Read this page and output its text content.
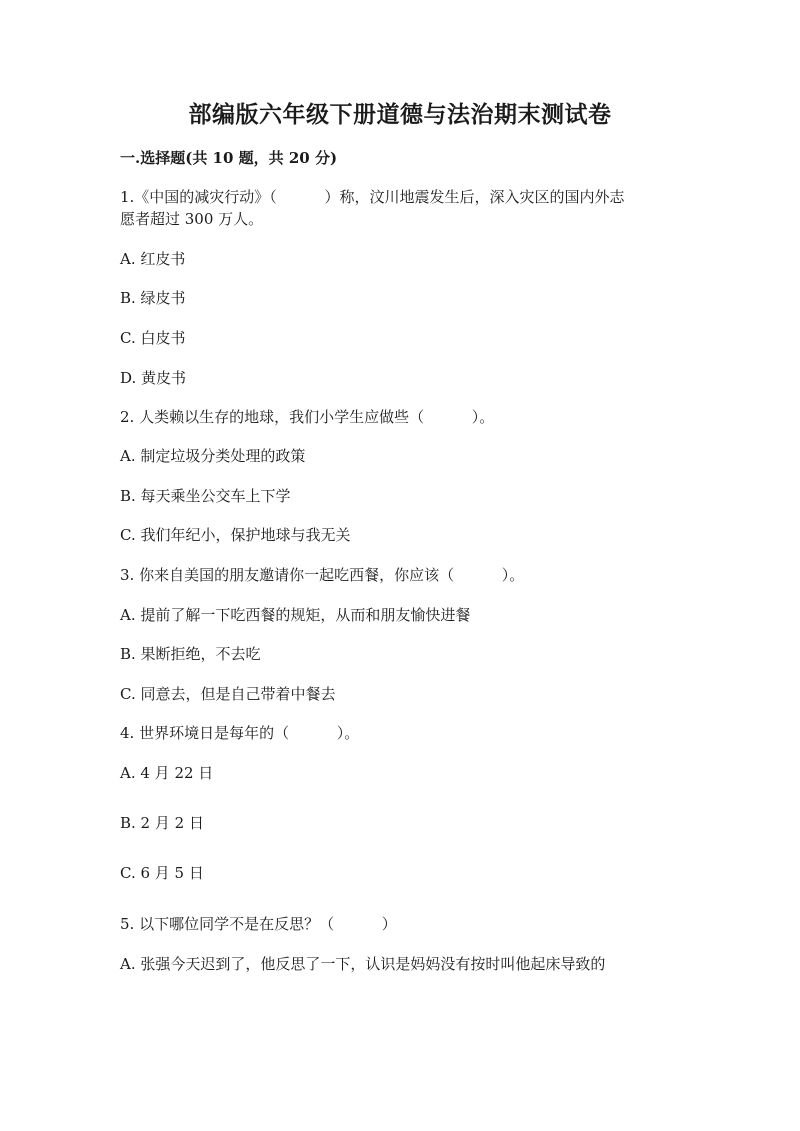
部编版六年级下册道德与法治期末测试卷
一.选择题(共 10 题，共 20 分)
1.《中国的减灾行动》（          ）称，汶川地震发生后，深入灾区的国内外志
愿者超过 300 万人。
A. 红皮书
B. 绿皮书
C. 白皮书
D. 黄皮书
2. 人类赖以生存的地球，我们小学生应做些（          ）。
A. 制定垃圾分类处理的政策
B. 每天乘坐公交车上下学
C. 我们年纪小，保护地球与我无关
3. 你来自美国的朋友邀请你一起吃西餐，你应该（          ）。
A. 提前了解一下吃西餐的规矩，从而和朋友愉快进餐
B. 果断拒绝，不去吃
C. 同意去，但是自己带着中餐去
4. 世界环境日是每年的（          ）。
A. 4 月 22 日
B. 2 月 2 日
C. 6 月 5 日
5. 以下哪位同学不是在反思？（          ）
A. 张强今天迟到了，他反思了一下，认识是妈妈没有按时叫他起床导致的
